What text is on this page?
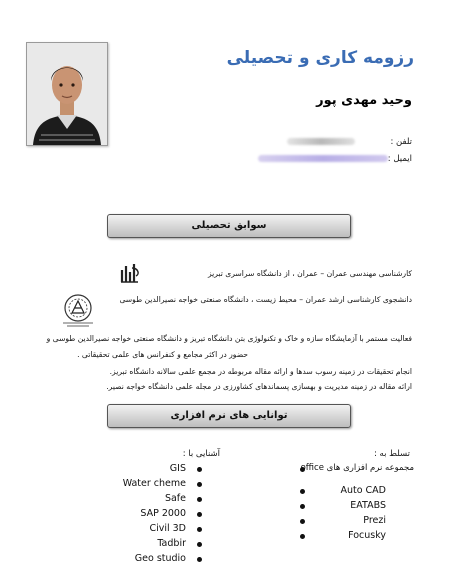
رزومه کاری و تحصیلی
وحید مهدی پور
تلفن :
ایمیل :
سوابق تحصیلی
کارشناسی مهندسی عمران – عمران ، از دانشگاه سراسری تبریز
دانشجوی کارشناسی ارشد عمران – محیط زیست ، دانشگاه صنعتی خواجه نصیرالدین طوسی
فعالیت مستمر با آزمایشگاه سازه و خاک و تکنولوژی بتن دانشگاه تبریز و دانشگاه صنعتی خواجه نصیرالدین طوسی و
حضور در اکثر مجامع و کنفرانس های علمی تحقیقاتی .
انجام تحقیقات در زمینه رسوب سدها و ارائه مقاله مربوطه در مجمع علمی سالانه دانشگاه تبریز.
ارائه مقاله در زمینه مدیریت و بهسازی پسماندهای کشاورزی در مجله علمی دانشگاه خواجه نصیر.
توانایی های نرم افزاری
تسلط به :
آشنایی با :
GIS
Water cheme
Safe
SAP 2000
Civil 3D
Tadbir
Geo studio
مجموعه نرم افزاری های office
Auto CAD
EATABS
Prezi
Focusky
